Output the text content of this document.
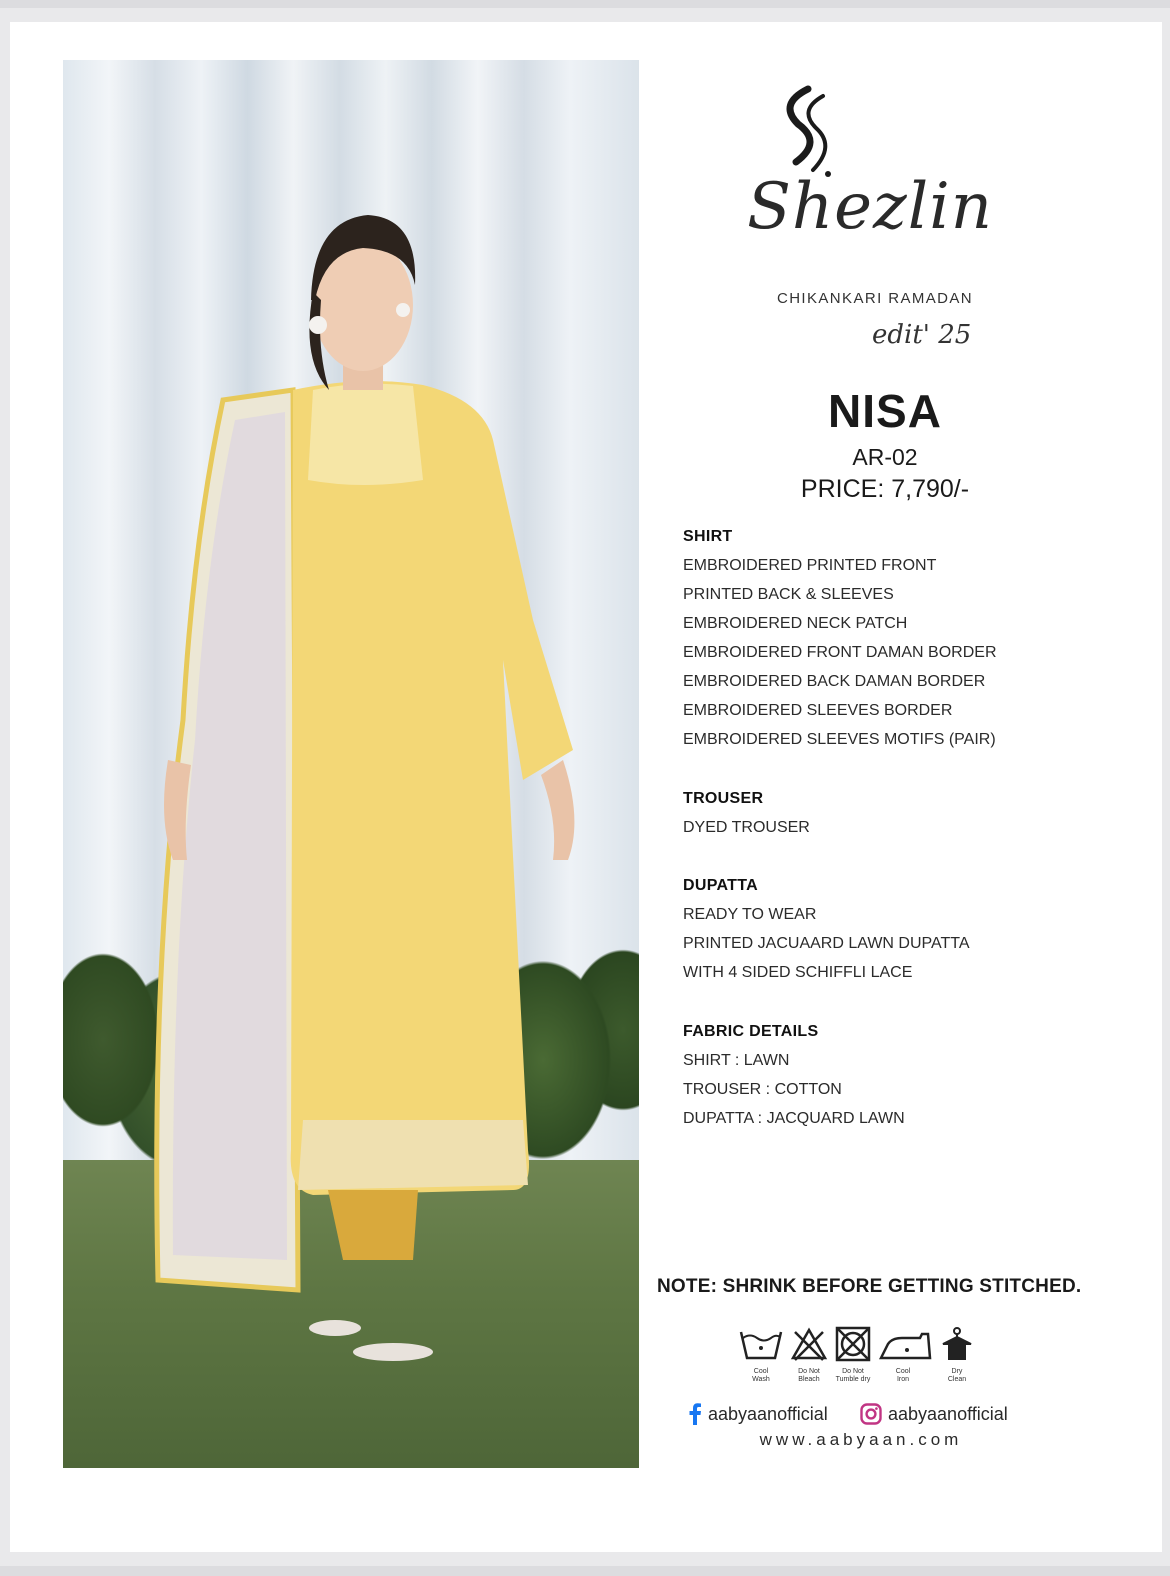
Shezlin
CHIKANKARI RAMADAN
edit' 25
NISA
AR-02
PRICE: 7,790/-
SHIRT
EMBROIDERED PRINTED FRONT
PRINTED BACK & SLEEVES
EMBROIDERED NECK PATCH
EMBROIDERED FRONT DAMAN BORDER
EMBROIDERED BACK DAMAN BORDER
EMBROIDERED SLEEVES BORDER
EMBROIDERED SLEEVES MOTIFS (PAIR)
TROUSER
DYED TROUSER
DUPATTA
READY TO WEAR
PRINTED JACUAARD LAWN DUPATTA
WITH 4 SIDED SCHIFFLI LACE
FABRIC DETAILS
SHIRT : LAWN
TROUSER : COTTON
DUPATTA : JACQUARD LAWN
NOTE: SHRINK BEFORE GETTING STITCHED.
Cool
Wash
Do Not
Bleach
Do Not
Tumble dry
Cool
Iron
Dry
Clean
aabyaanofficial	aabyaanofficial
www.aabyaan.com
